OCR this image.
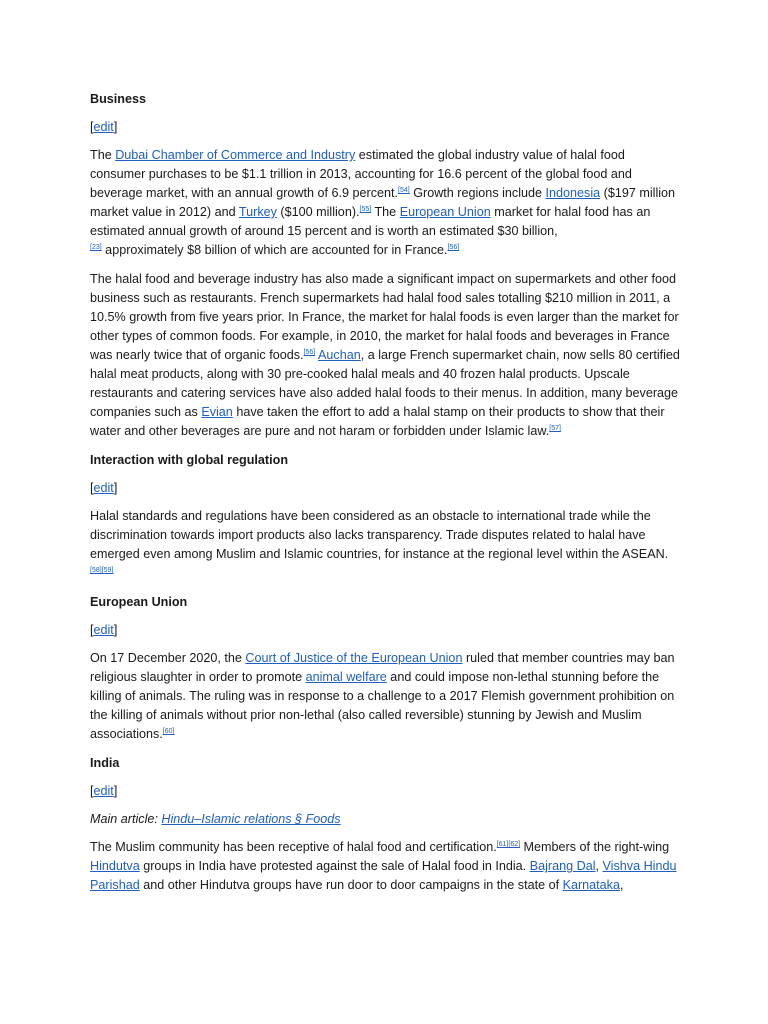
Business
[edit]
The Dubai Chamber of Commerce and Industry estimated the global industry value of halal food consumer purchases to be $1.1 trillion in 2013, accounting for 16.6 percent of the global food and beverage market, with an annual growth of 6.9 percent.[54] Growth regions include Indonesia ($197 million market value in 2012) and Turkey ($100 million).[55] The European Union market for halal food has an estimated annual growth of around 15 percent and is worth an estimated $30 billion,
[23] approximately $8 billion of which are accounted for in France.[56]
The halal food and beverage industry has also made a significant impact on supermarkets and other food business such as restaurants. French supermarkets had halal food sales totalling $210 million in 2011, a 10.5% growth from five years prior. In France, the market for halal foods is even larger than the market for other types of common foods. For example, in 2010, the market for halal foods and beverages in France was nearly twice that of organic foods.[56] Auchan, a large French supermarket chain, now sells 80 certified halal meat products, along with 30 pre-cooked halal meals and 40 frozen halal products. Upscale restaurants and catering services have also added halal foods to their menus. In addition, many beverage companies such as Evian have taken the effort to add a halal stamp on their products to show that their water and other beverages are pure and not haram or forbidden under Islamic law.[57]
Interaction with global regulation
[edit]
Halal standards and regulations have been considered as an obstacle to international trade while the discrimination towards import products also lacks transparency. Trade disputes related to halal have emerged even among Muslim and Islamic countries, for instance at the regional level within the ASEAN.
[58][59]
European Union
[edit]
On 17 December 2020, the Court of Justice of the European Union ruled that member countries may ban religious slaughter in order to promote animal welfare and could impose non-lethal stunning before the killing of animals. The ruling was in response to a challenge to a 2017 Flemish government prohibition on the killing of animals without prior non-lethal (also called reversible) stunning by Jewish and Muslim associations.[60]
India
[edit]
Main article: Hindu–Islamic relations § Foods
The Muslim community has been receptive of halal food and certification.[61][62] Members of the right-wing Hindutva groups in India have protested against the sale of Halal food in India. Bajrang Dal, Vishva Hindu Parishad and other Hindutva groups have run door to door campaigns in the state of Karnataka,
